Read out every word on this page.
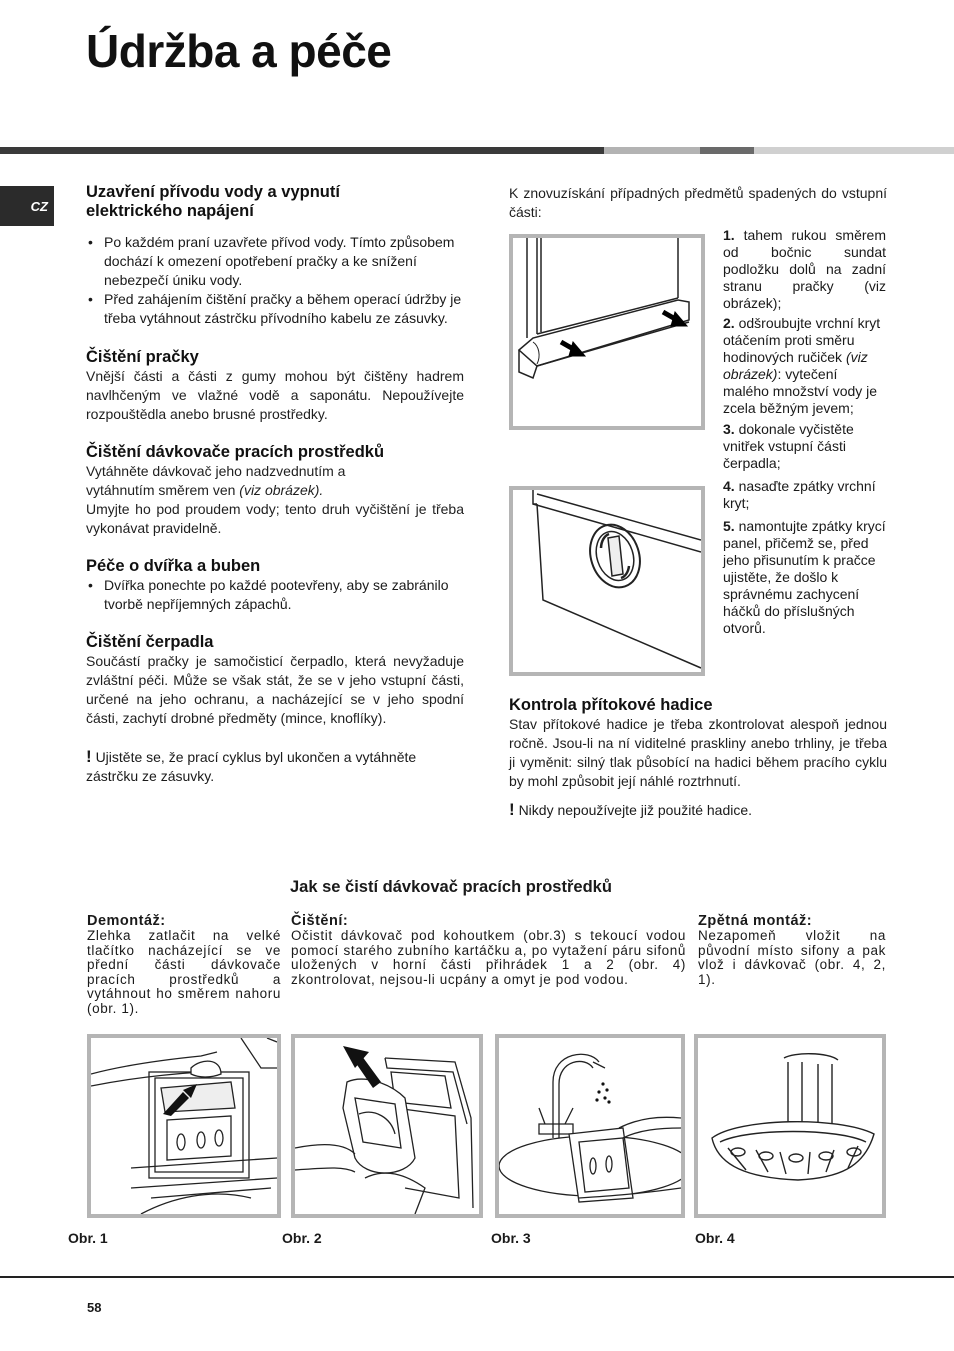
Údržba a péče
CZ
Uzavření přívodu vody a vypnutí elektrického napájení
• Po každém praní uzavřete přívod vody. Tímto způsobem dochází k omezení opotřebení pračky a ke snížení nebezpečí úniku vody.
• Před zahájením čištění pračky a během operací údržby je třeba vytáhnout zástrčku přívodního kabelu ze zásuvky.
Čištění pračky

Vnější části a části z gumy mohou být čištěny hadrem navlhčeným ve vlažné vodě a saponátu. Nepoužívejte rozpouštědla anebo brusné prostředky.

Čištění dávkovače pracích prostředků

Vytáhněte dávkovač jeho nadzvednutím a vytáhnutím směrem ven (viz obrázek).

Umyjte ho pod proudem vody; tento druh vyčištění je třeba vykonávat pravidelně.

Péče o dvířka a buben
• Dvířka ponechte po každé pootevřeny, aby se zabránilo tvorbě nepříjemných zápachů.
Čištění čerpadla

Součástí pračky je samočisticí čerpadlo, která nevyžaduje zvláštní péči. Může se však stát, že se v jeho vstupní části, určené na jeho ochranu, a nacházející se v jeho spodní části, zachytí drobné předměty (mince, knoflíky).

! Ujistěte se, že prací cyklus byl ukončen a vytáhněte zástrčku ze zásuvky.

K znovuzískání případných předmětů spadených do vstupní části:

1. tahem rukou směrem od bočnic sundat podložku dolů na zadní stranu pračky (viz obrázek);
2. odšroubujte vrchní kryt otáčením proti směru hodinových ručiček (viz obrázek): vytečení malého množství vody je zcela běžným jevem;
3. dokonale vyčistěte vnitřek vstupní části čerpadla;
4. nasaďte zpátky vrchní kryt;
5. namontujte zpátky krycí panel, přičemž se, před jeho přisunutím k pračce ujistěte, že došlo k správnému zachycení háčků do příslušných otvorů.
Kontrola přítokové hadice

Stav přítokové hadice je třeba zkontrolovat alespoň jednou ročně. Jsou-li na ní viditelné praskliny anebo trhliny, je třeba ji vyměnit: silný tlak působící na hadici během pracího cyklu by mohl způsobit její náhlé roztrhnutí.

! Nikdy nepoužívejte již použité hadice.

Jak se čistí dávkovač pracích prostředků
Demontáž:

Zlehka zatlačit na velké tlačítko nacházející se ve přední části dávkovače pracích prostředků a vytáhnout ho směrem nahoru (obr. 1).

Čištění:

Očistit dávkovač pod kohoutkem (obr.3) s tekoucí vodou pomocí starého zubního kartáčku a, po vytažení páru sifonů uložených v horní části přihrádek 1 a 2 (obr. 4) zkontrolovat, nejsou-li ucpány a omyt je pod vodou.

Zpětná montáž:

Nezapomeň vložit na původní místo sifony a pak vlož i dávkovač (obr. 4, 2, 1).

Obr. 1	Obr. 2	Obr. 3	Obr. 4
58
